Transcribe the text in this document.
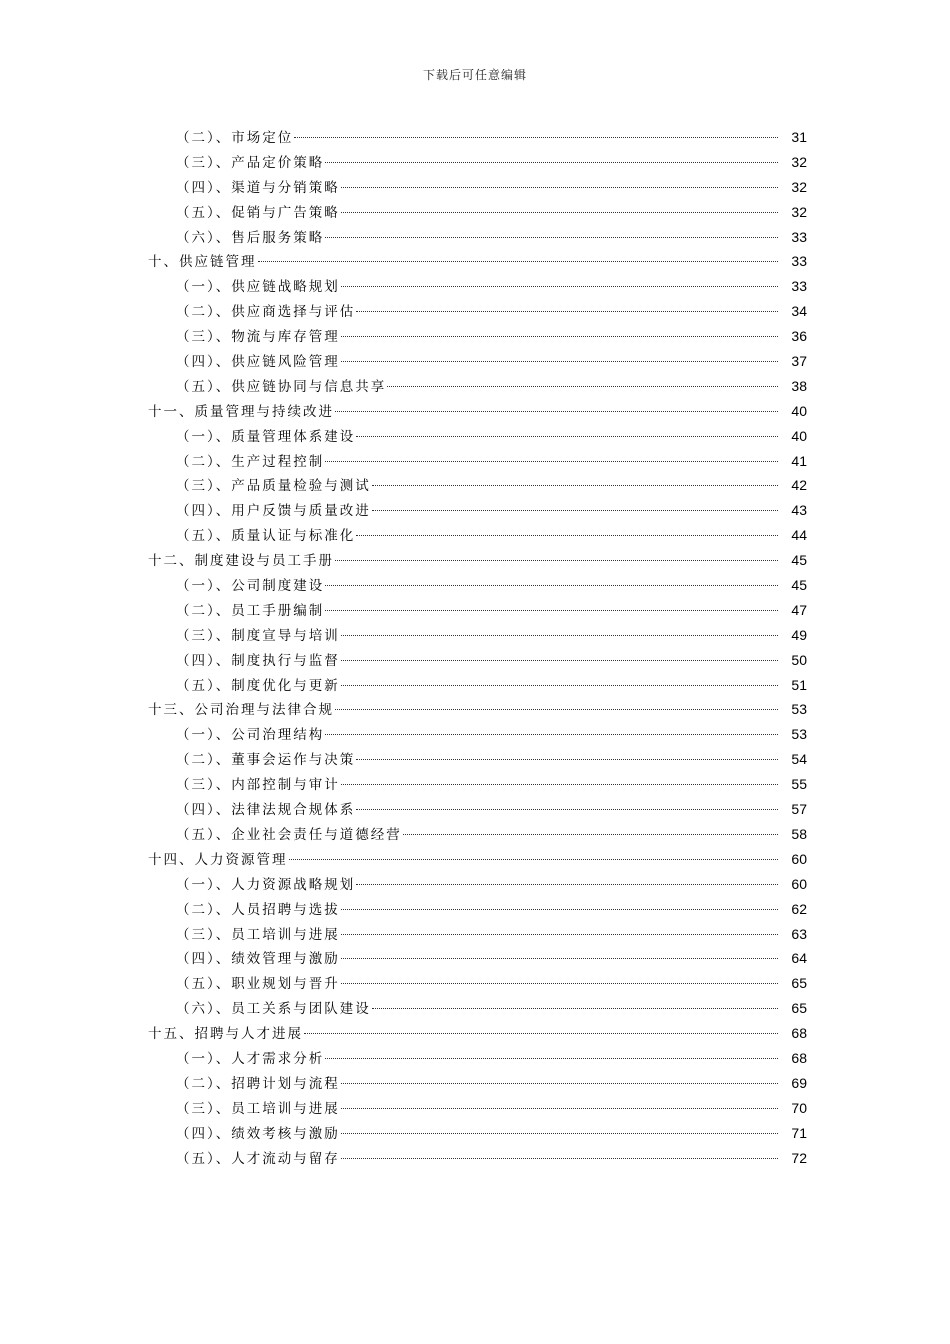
下载后可任意编辑
（二）、市场定位	31
（三）、产品定价策略	32
（四）、渠道与分销策略	32
（五）、促销与广告策略	32
（六）、售后服务策略	33
十、供应链管理	33
（一）、供应链战略规划	33
（二）、供应商选择与评估	34
（三）、物流与库存管理	36
（四）、供应链风险管理	37
（五）、供应链协同与信息共享	38
十一、质量管理与持续改进	40
（一）、质量管理体系建设	40
（二）、生产过程控制	41
（三）、产品质量检验与测试	42
（四）、用户反馈与质量改进	43
（五）、质量认证与标准化	44
十二、制度建设与员工手册	45
（一）、公司制度建设	45
（二）、员工手册编制	47
（三）、制度宣导与培训	49
（四）、制度执行与监督	50
（五）、制度优化与更新	51
十三、公司治理与法律合规	53
（一）、公司治理结构	53
（二）、董事会运作与决策	54
（三）、内部控制与审计	55
（四）、法律法规合规体系	57
（五）、企业社会责任与道德经营	58
十四、人力资源管理	60
（一）、人力资源战略规划	60
（二）、人员招聘与选拔	62
（三）、员工培训与进展	63
（四）、绩效管理与激励	64
（五）、职业规划与晋升	65
（六）、员工关系与团队建设	65
十五、招聘与人才进展	68
（一）、人才需求分析	68
（二）、招聘计划与流程	69
（三）、员工培训与进展	70
（四）、绩效考核与激励	71
（五）、人才流动与留存	72
